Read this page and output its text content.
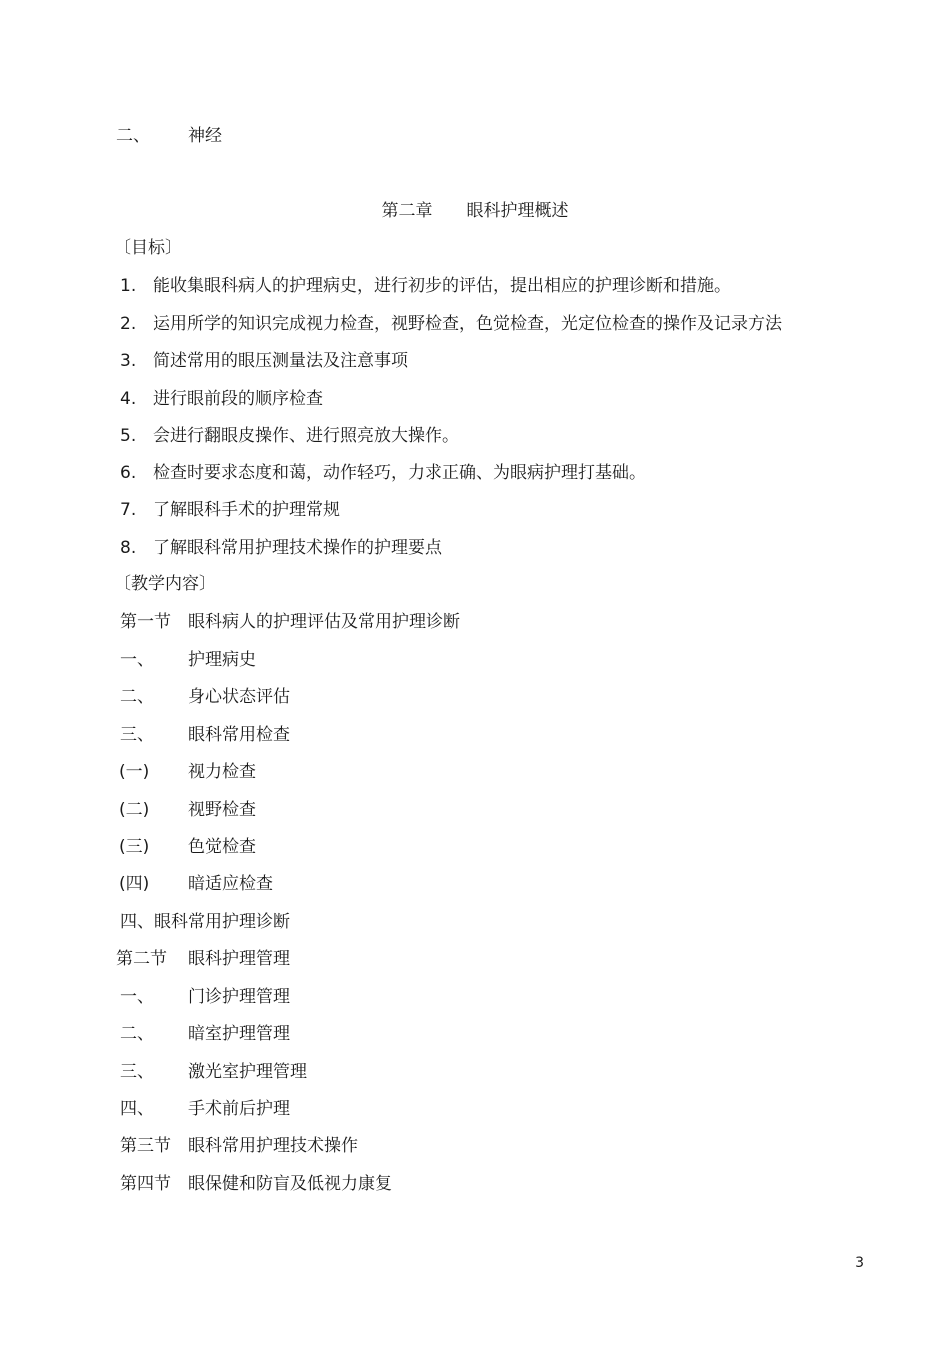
二、 神经
第二章 眼科护理概述
〔目标〕
1. 能收集眼科病人的护理病史，进行初步的评估，提出相应的护理诊断和措施。
2. 运用所学的知识完成视力检查，视野检查，色觉检查，光定位检查的操作及记录方法
3. 简述常用的眼压测量法及注意事项
4. 进行眼前段的顺序检查
5. 会进行翻眼皮操作、进行照亮放大操作。
6. 检查时要求态度和蔼，动作轻巧，力求正确、为眼病护理打基础。
7. 了解眼科手术的护理常规
8. 了解眼科常用护理技术操作的护理要点
〔教学内容〕
第一节 眼科病人的护理评估及常用护理诊断
一、 护理病史
二、 身心状态评估
三、 眼科常用检查
(一) 视力检查
(二) 视野检查
(三) 色觉检查
(四) 暗适应检查
四、眼科常用护理诊断
第二节 眼科护理管理
一、 门诊护理管理
二、 暗室护理管理
三、 激光室护理管理
四、 手术前后护理
第三节 眼科常用护理技术操作
第四节 眼保健和防盲及低视力康复
3
